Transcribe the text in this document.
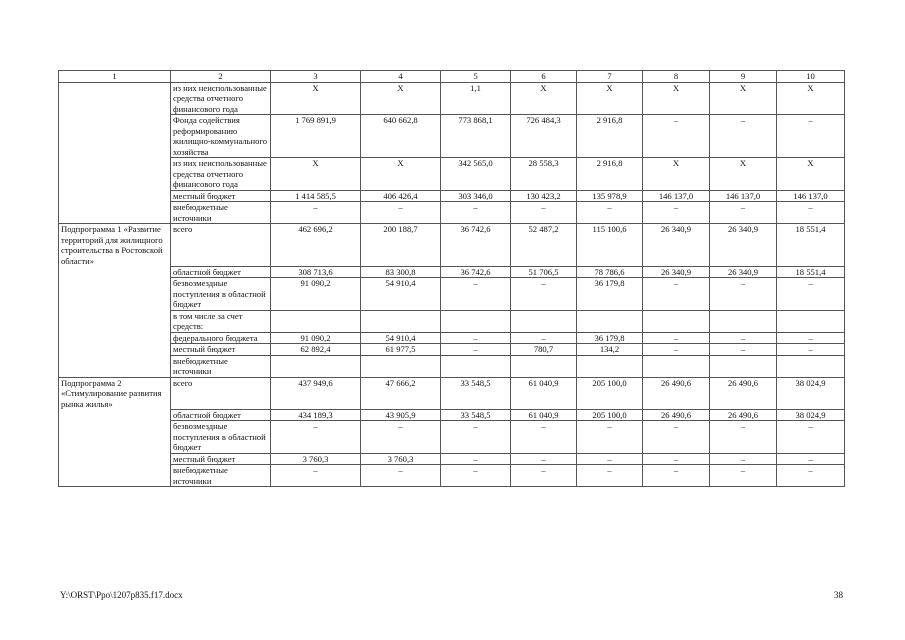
1	2	3	4	5	6	7	8	9	10
	из них неиспользованные средства отчетного финансового года	Х	Х	1,1	Х	Х	Х	Х	Х
	Фонда содействия реформированию жилищно-коммунального хозяйства	1 769 891,9	640 662,8	773 868,1	726 484,3	2 916,8	–	–	–
	из них неиспользованные средства отчетного финансового года	Х	Х	342 565,0	28 558,3	2 916,8	Х	Х	Х
	местный бюджет	1 414 585,5	406 426,4	303 346,0	130 423,2	135 978,9	146 137,0	146 137,0	146 137,0
	внебюджетные источники	–	–	–	–	–	–	–	–
Подпрограмма 1 «Развитие территорий для жилищного строительства в Ростовской области»	всего	462 696,2	200 188,7	36 742,6	52 487,2	115 100,6	26 340,9	26 340,9	18 551,4
	областной бюджет	308 713,6	83 300,8	36 742,6	51 706,5	78 786,6	26 340,9	26 340,9	18 551,4
	безвозмездные поступления в областной бюджет	91 090,2	54 910,4	–	–	36 179,8	–	–	–
	в том числе за счет средств:								
	федерального бюджета	91 090,2	54 910,4	–	–	36 179,8	–	–	–
	местный бюджет	62 892,4	61 977,5	–	780,7	134,2	–	–	–
	внебюджетные источники								
Подпрограмма 2 «Стимулирование развития рынка жилья»	всего	437 949,6	47 666,2	33 548,5	61 040,9	205 100,0	26 490,6	26 490,6	38 024,9
	областной бюджет	434 189,3	43 905,9	33 548,5	61 040,9	205 100,0	26 490,6	26 490,6	38 024,9
	безвозмездные поступления в областной бюджет	–	–	–	–	–	–	–	–
	местный бюджет	3 760,3	3 760,3	–	–	–	–	–	–
	внебюджетные источники	–	–	–	–	–	–	–	–
Y:\ORST\Ppo\1207p835.f17.docx	38
